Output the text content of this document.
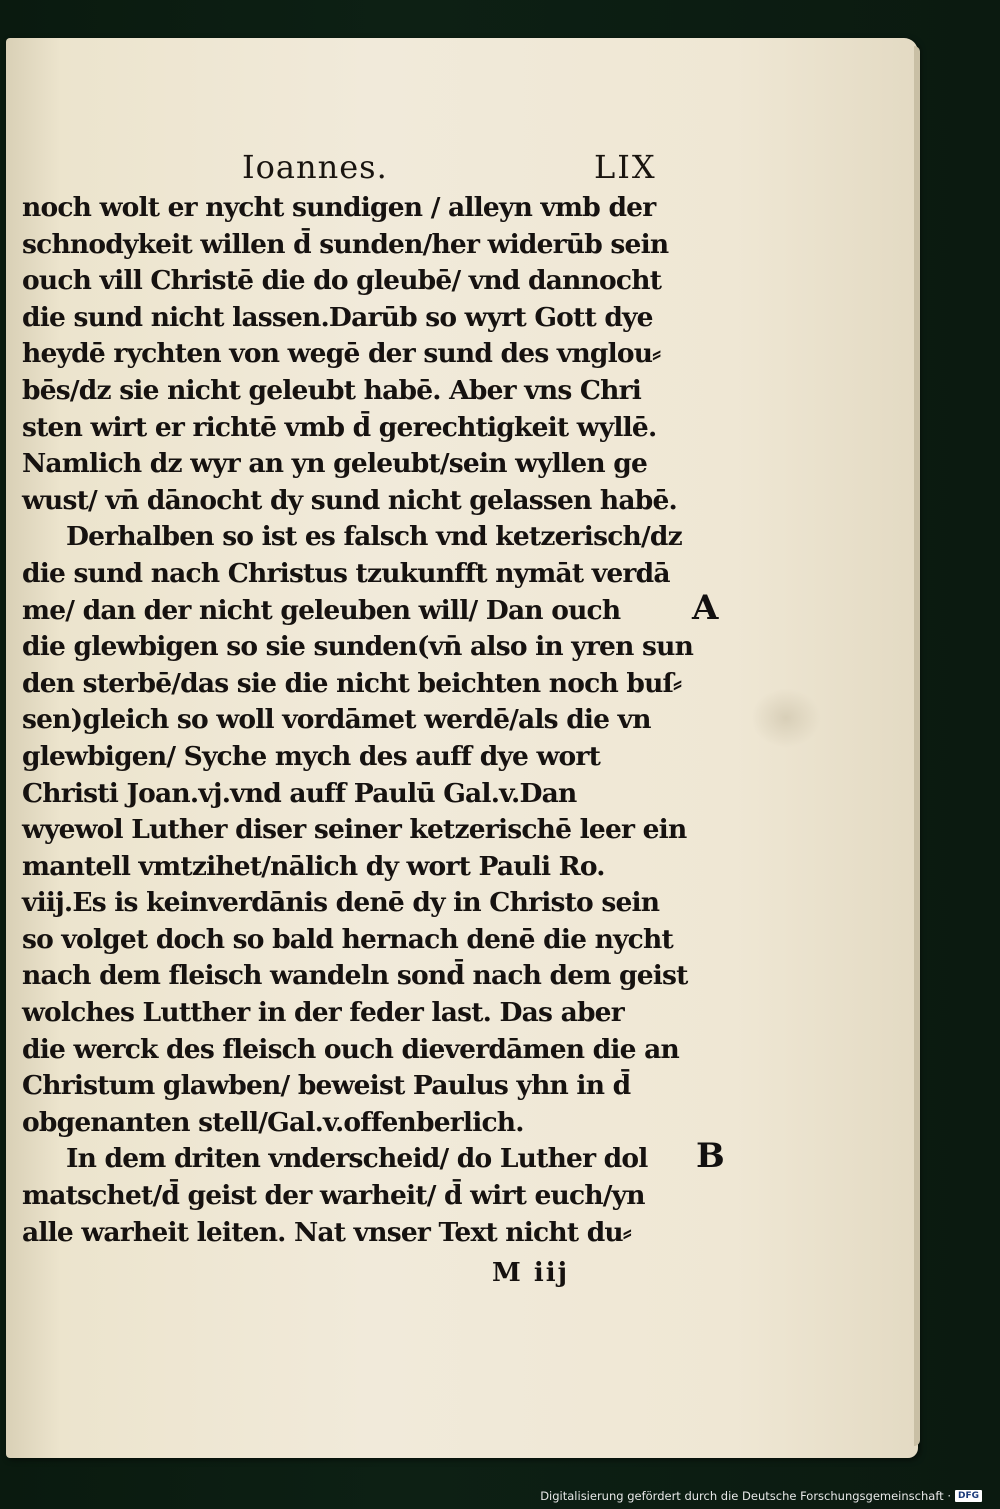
Ioannes.	LIX
noch wolt er nycht sundigen / alleyn vmb der
schnodykeit willen d̄ sunden/her widerūb sein
ouch vill Christē die do gleubē/ vnd dannocht
die sund nicht lassen.Darūb so wyrt Gott dye
heydē rychten von wegē der sund des vnglou⸗
bēs/dz sie nicht geleubt habē. Aber vns Chri
sten wirt er richtē vmb d̄ gerechtigkeit wyllē.
Namlich dz wyr an yn geleubt/sein wyllen ge
wust/ vn̄ dānocht dy sund nicht gelassen habē.
Derhalben so ist es falsch vnd ketzerisch/dz
die sund nach Christus tzukunfft nymāt verdā
me/ dan der nicht geleuben will/ Dan ouch
die glewbigen so sie sunden(vn̄ also in yren sun
den sterbē/das sie die nicht beichten noch buſ⸗
sen)gleich so woll vordāmet werdē/als die vn
glewbigen/ Syche mych des auff dye wort
Christi Joan.vj.vnd auff Paulū Gal.v.Dan
wyewol Luther diser seiner ketzerischē leer ein
mantell vmtzihet/nālich dy wort Pauli Ro.
viij.Es is keinverdānis denē dy in Christo sein
so volget doch so bald hernach denē die nycht
nach dem fleisch wandeln sond̄ nach dem geist
wolches Lutther in der feder last. Das aber
die werck des fleisch ouch dieverdāmen die an
Christum glawben/ beweist Paulus yhn in d̄
obgenanten stell/Gal.v.offenberlich.
In dem driten vnderscheid/ do Luther dol
matschet/d̄ geist der warheit/ d̄ wirt euch/yn
alle warheit leiten. Nat vnser Text nicht du⸗
A
B
M iij
Digitalisierung gefördert durch die Deutsche Forschungsgemeinschaft · DFG
